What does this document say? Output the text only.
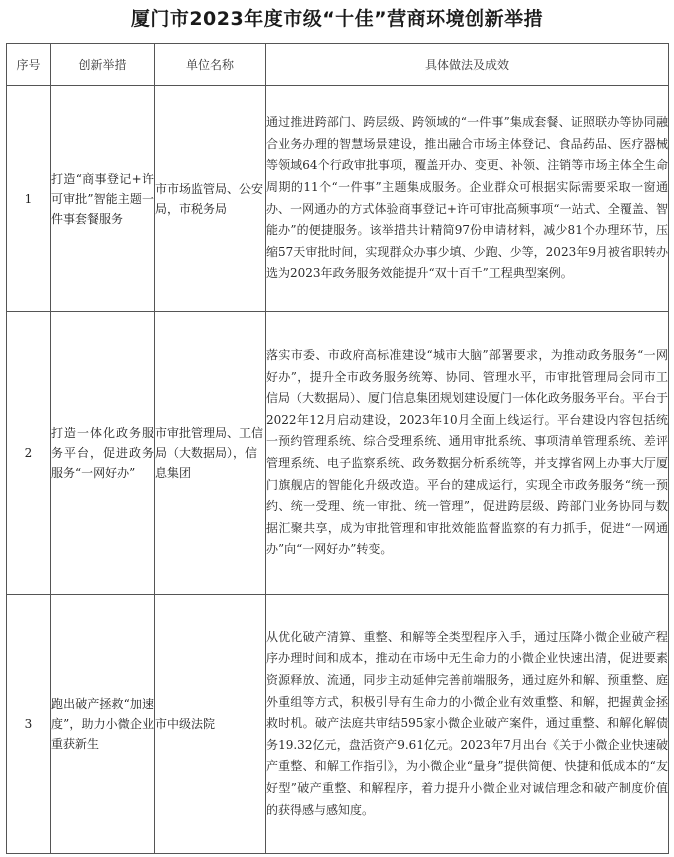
厦门市2023年度市级“十佳”营商环境创新举措
序号	创新举措	单位名称	具体做法及成效
1	打造“商事登记+许可审批”智能主题一件事套餐服务	市市场监管局、公安局，市税务局	通过推进跨部门、跨层级、跨领域的“一件事”集成套餐、证照联办等协同融合业务办理的智慧场景建设，推出融合市场主体登记、食品药品、医疗器械等领域64个行政审批事项，覆盖开办、变更、补领、注销等市场主体全生命周期的11个“一件事”主题集成服务。企业群众可根据实际需要采取一窗通办、一网通办的方式体验商事登记+许可审批高频事项“一站式、全覆盖、智能办”的便捷服务。该举措共计精简97份申请材料，减少81个办理环节，压缩57天审批时间，实现群众办事少填、少跑、少等，2023年9月被省职转办选为2023年政务服务效能提升“双十百千”工程典型案例。
2	打造一体化政务服务平台，促进政务服务“一网好办”	市审批管理局、工信局（大数据局），信息集团	落实市委、市政府高标准建设“城市大脑”部署要求，为推动政务服务“一网好办”，提升全市政务服务统筹、协同、管理水平，市审批管理局会同市工信局（大数据局）、厦门信息集团规划建设厦门一体化政务服务平台。平台于2022年12月启动建设，2023年10月全面上线运行。平台建设内容包括统一预约管理系统、综合受理系统、通用审批系统、事项清单管理系统、差评管理系统、电子监察系统、政务数据分析系统等，并支撑省网上办事大厅厦门旗舰店的智能化升级改造。平台的建成运行，实现全市政务服务“统一预约、统一受理、统一审批、统一管理”，促进跨层级、跨部门业务协同与数据汇聚共享，成为审批管理和审批效能监督监察的有力抓手，促进“一网通办”向“一网好办”转变。
3	跑出破产拯救“加速度”，助力小微企业重获新生	市中级法院	从优化破产清算、重整、和解等全类型程序入手，通过压降小微企业破产程序办理时间和成本，推动在市场中无生命力的小微企业快速出清，促进要素资源释放、流通，同步主动延伸完善前端服务，通过庭外和解、预重整、庭外重组等方式，积极引导有生命力的小微企业有效重整、和解，把握黄金拯救时机。破产法庭共审结595家小微企业破产案件，通过重整、和解化解债务19.32亿元，盘活资产9.61亿元。2023年7月出台《关于小微企业快速破产重整、和解工作指引》，为小微企业“量身”提供简便、快捷和低成本的“友好型”破产重整、和解程序，着力提升小微企业对诚信理念和破产制度价值的获得感与感知度。
